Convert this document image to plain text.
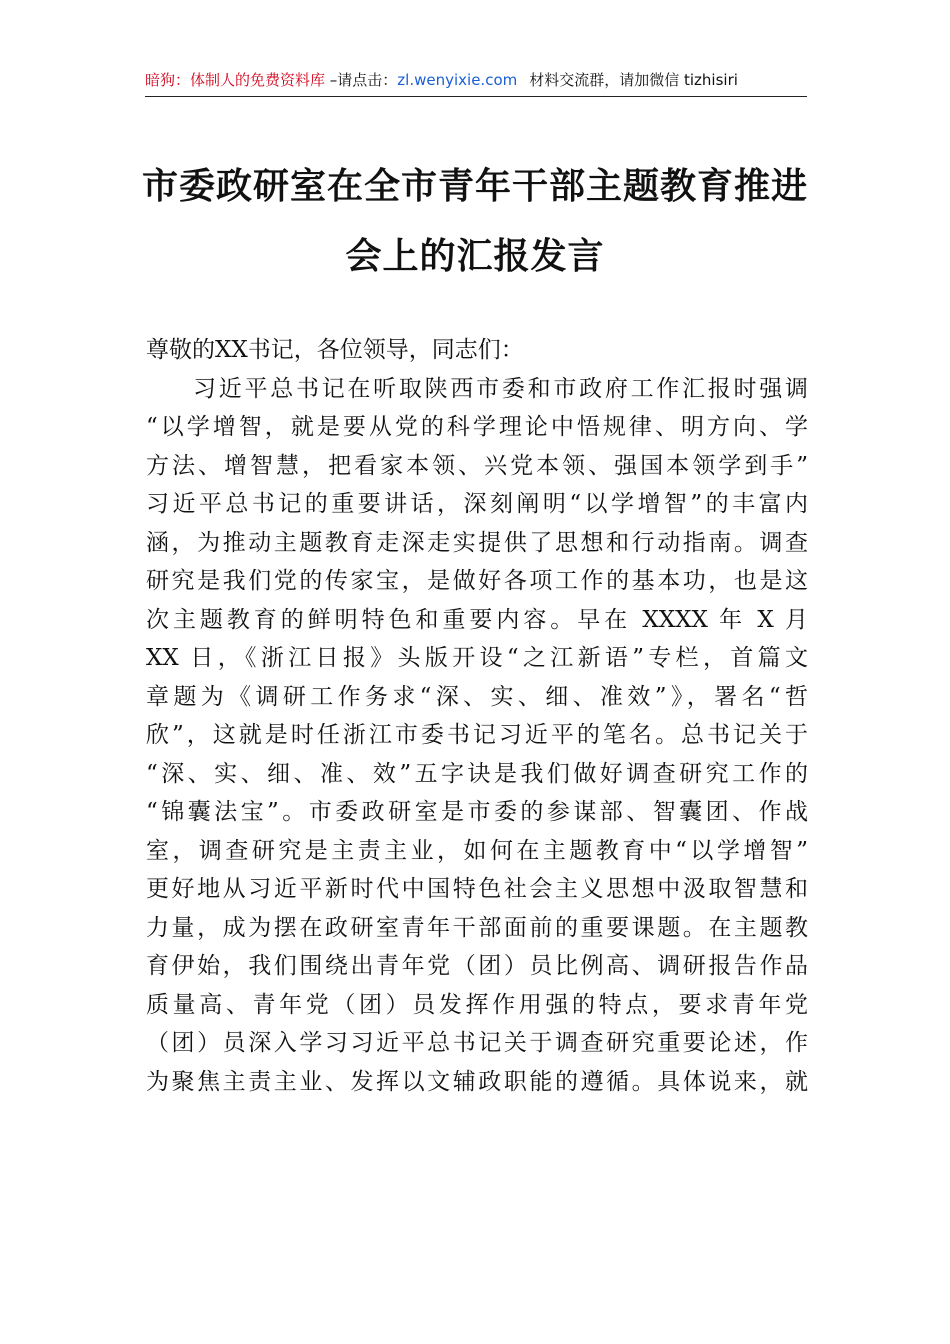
暗狗：体制人的免费资料库 –请点击：zl.wenyixie.com 材料交流群，请加微信 tizhisiri
市委政研室在全市青年干部主题教育推进
会上的汇报发言
尊敬的XX书记，各位领导，同志们：
习近平总书记在听取陕西市委和市政府工作汇报时强调
“以学增智，就是要从党的科学理论中悟规律、明方向、学
方法、增智慧，把看家本领、兴党本领、强国本领学到手”
习近平总书记的重要讲话，深刻阐明“以学增智”的丰富内
涵，为推动主题教育走深走实提供了思想和行动指南。调查
研究是我们党的传家宝，是做好各项工作的基本功，也是这
次主题教育的鲜明特色和重要内容。早在 XXXX 年 X 月
XX 日，《浙江日报》头版开设“之江新语”专栏，首篇文
章题为《调研工作务求“深、实、细、准效”》，署名“哲
欣”，这就是时任浙江市委书记习近平的笔名。总书记关于
“深、实、细、准、效”五字诀是我们做好调查研究工作的
“锦囊法宝”。市委政研室是市委的参谋部、智囊团、作战
室，调查研究是主责主业，如何在主题教育中“以学增智”
更好地从习近平新时代中国特色社会主义思想中汲取智慧和
力量，成为摆在政研室青年干部面前的重要课题。在主题教
育伊始，我们围绕出青年党（团）员比例高、调研报告作品
质量高、青年党（团）员发挥作用强的特点，要求青年党
（团）员深入学习习近平总书记关于调查研究重要论述，作
为聚焦主责主业、发挥以文辅政职能的遵循。具体说来，就
